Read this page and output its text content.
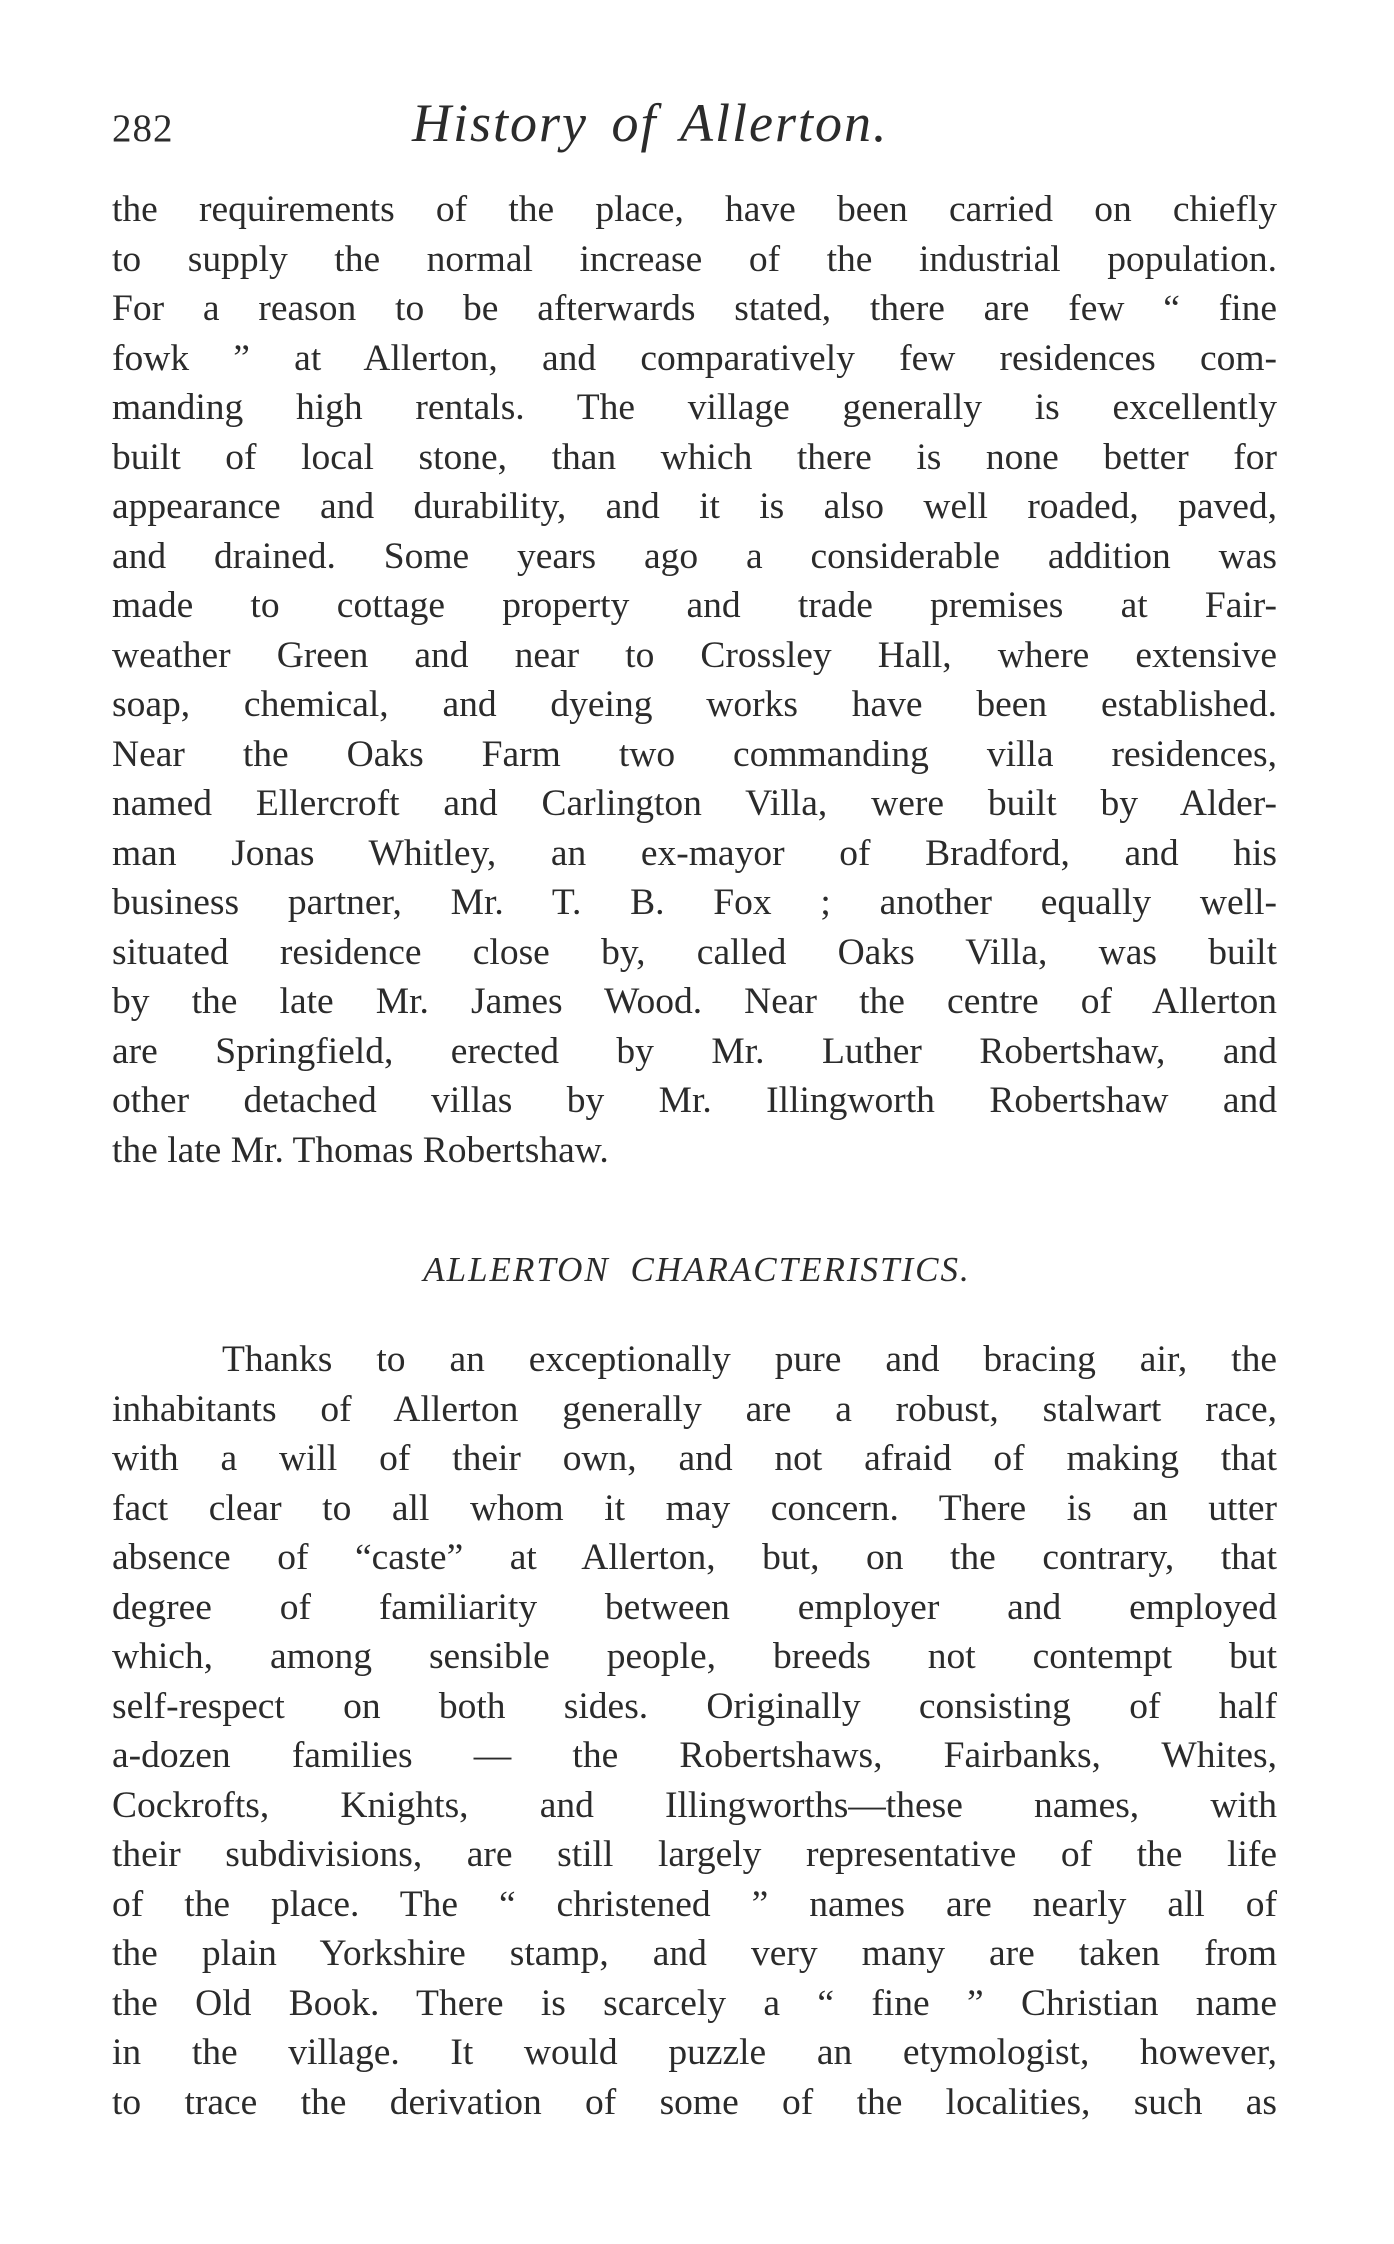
282	History of Allerton.
the requirements of the place, have been carried on chiefly
to supply the normal increase of the industrial population.
For a reason to be afterwards stated, there are few “ fine
fowk ” at Allerton, and comparatively few residences com-
manding high rentals. The village generally is excellently
built of local stone, than which there is none better for
appearance and durability, and it is also well roaded, paved,
and drained. Some years ago a considerable addition was
made to cottage property and trade premises at Fair-
weather Green and near to Crossley Hall, where extensive
soap, chemical, and dyeing works have been established.
Near the Oaks Farm two commanding villa residences,
named Ellercroft and Carlington Villa, were built by Alder-
man Jonas Whitley, an ex-mayor of Bradford, and his
business partner, Mr. T. B. Fox ; another equally well-
situated residence close by, called Oaks Villa, was built
by the late Mr. James Wood. Near the centre of Allerton
are Springfield, erected by Mr. Luther Robertshaw, and
other detached villas by Mr. Illingworth Robertshaw and
the late Mr. Thomas Robertshaw.
ALLERTON CHARACTERISTICS.
Thanks to an exceptionally pure and bracing air, the
inhabitants of Allerton generally are a robust, stalwart race,
with a will of their own, and not afraid of making that
fact clear to all whom it may concern. There is an utter
absence of “caste” at Allerton, but, on the contrary, that
degree of familiarity between employer and employed
which, among sensible people, breeds not contempt but
self-respect on both sides. Originally consisting of half
a-dozen families — the Robertshaws, Fairbanks, Whites,
Cockrofts, Knights, and Illingworths—these names, with
their subdivisions, are still largely representative of the life
of the place. The “ christened ” names are nearly all of
the plain Yorkshire stamp, and very many are taken from
the Old Book. There is scarcely a “ fine ” Christian name
in the village. It would puzzle an etymologist, however,
to trace the derivation of some of the localities, such as
